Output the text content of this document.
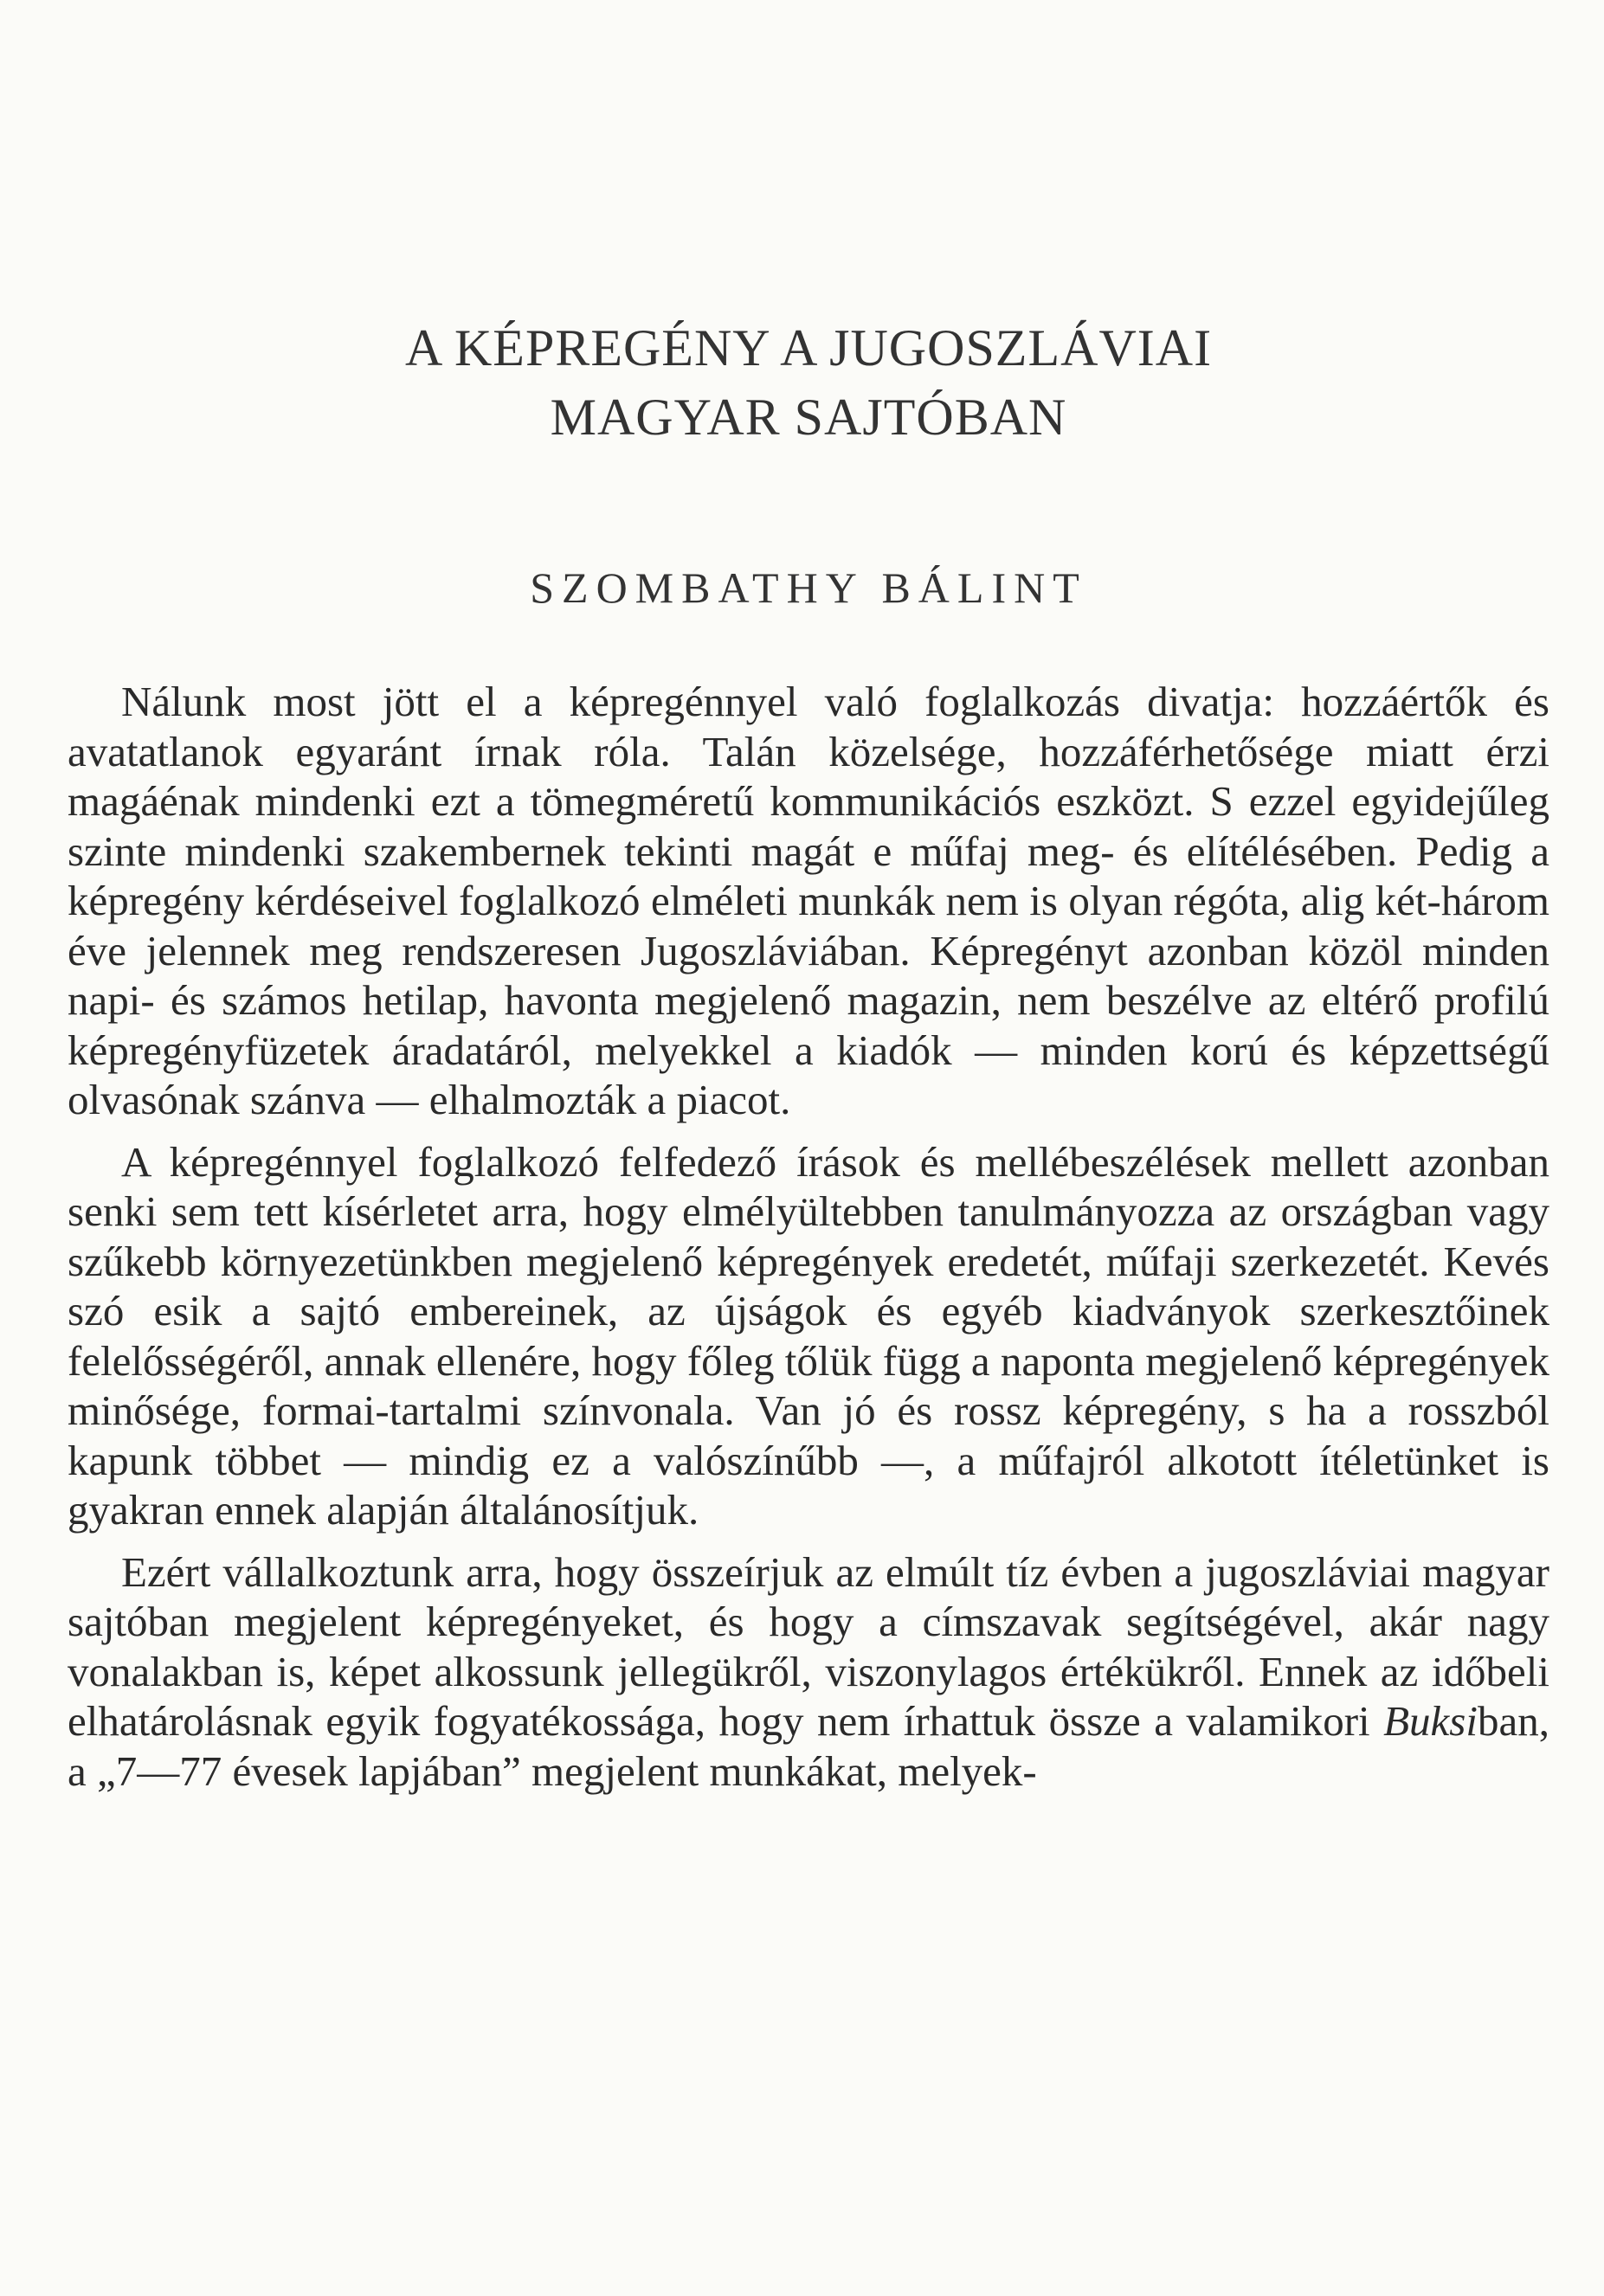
A KÉPREGÉNY A JUGOSZLÁVIAI
MAGYAR SAJTÓBAN
SZOMBATHY BÁLINT

Nálunk most jött el a képregénnyel való foglalkozás divatja: hozzáértők és avatatlanok egyaránt írnak róla. Talán közelsége, hozzáférhetősége miatt érzi magáénak mindenki ezt a tömegméretű kommunikációs eszközt. S ezzel egyidejűleg szinte mindenki szakembernek tekinti magát e műfaj meg- és elítélésében. Pedig a képregény kérdéseivel foglalkozó elméleti munkák nem is olyan régóta, alig két-három éve jelennek meg rendszeresen Jugoszláviában. Képregényt azonban közöl minden napi- és számos hetilap, havonta megjelenő magazin, nem beszélve az eltérő profilú képregényfüzetek áradatáról, melyekkel a kiadók — minden korú és képzettségű olvasónak szánva — elhalmozták a piacot.

A képregénnyel foglalkozó felfedező írások és mellébeszélések mellett azonban senki sem tett kísérletet arra, hogy elmélyültebben tanulmányozza az országban vagy szűkebb környezetünkben megjelenő képregények eredetét, műfaji szerkezetét. Kevés szó esik a sajtó embereinek, az újságok és egyéb kiadványok szerkesztőinek felelősségéről, annak ellenére, hogy főleg tőlük függ a naponta megjelenő képregények minősége, formai-tartalmi színvonala. Van jó és rossz képregény, s ha a rosszból kapunk többet — mindig ez a valószínűbb —, a műfajról alkotott ítéletünket is gyakran ennek alapján általánosítjuk.

Ezért vállalkoztunk arra, hogy összeírjuk az elmúlt tíz évben a jugoszláviai magyar sajtóban megjelent képregényeket, és hogy a címszavak segítségével, akár nagy vonalakban is, képet alkossunk jellegükről, viszonylagos értékükről. Ennek az időbeli elhatárolásnak egyik fogyatékossága, hogy nem írhattuk össze a valamikori Buksiban, a „7—77 évesek lapjában” megjelent munkákat, melyek-
